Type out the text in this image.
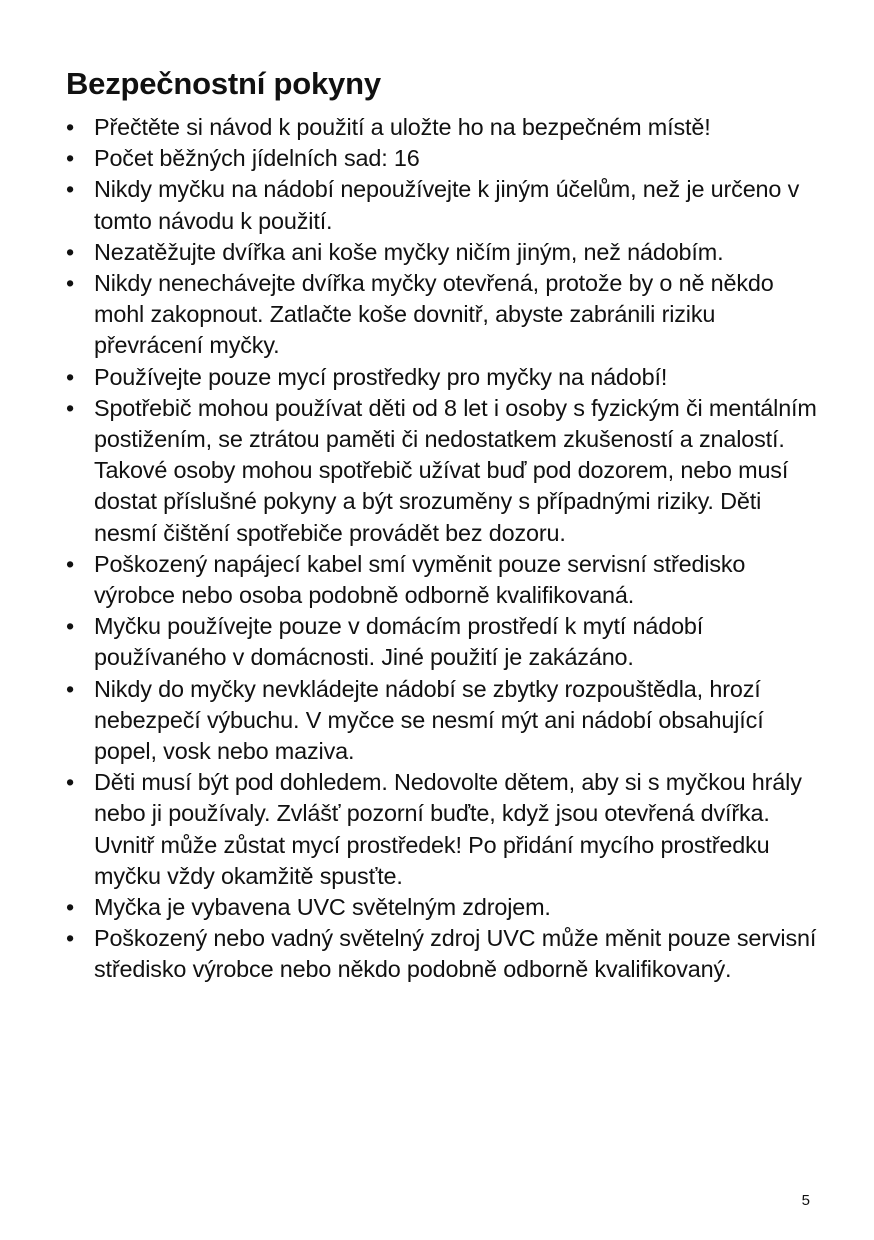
Bezpečnostní pokyny
• Přečtěte si návod k použití a uložte ho na bezpečném místě!
• Počet běžných jídelních sad: 16
• Nikdy myčku na nádobí nepoužívejte k jiným účelům, než je určeno v tomto návodu k použití.
• Nezatěžujte dvířka ani koše myčky ničím jiným, než nádobím.
• Nikdy nenechávejte dvířka myčky otevřená, protože by o ně někdo mohl zakopnout. Zatlačte koše dovnitř, abyste zabránili riziku převrácení myčky.
• Používejte pouze mycí prostředky pro myčky na nádobí!
• Spotřebič mohou používat děti od 8 let i osoby s fyzickým či mentálním postižením, se ztrátou paměti či nedostatkem zkušeností a znalostí. Takové osoby mohou spotřebič užívat buď pod dozorem, nebo musí dostat příslušné pokyny a být srozuměny s případnými riziky. Děti nesmí čištění spotřebiče provádět bez dozoru.
• Poškozený napájecí kabel smí vyměnit pouze servisní středisko výrobce nebo osoba podobně odborně kvalifikovaná.
• Myčku používejte pouze v domácím prostředí k mytí nádobí používaného v domácnosti. Jiné použití je zakázáno.
• Nikdy do myčky nevkládejte nádobí se zbytky rozpouštědla, hrozí nebezpečí výbuchu. V myčce se nesmí mýt ani nádobí obsahující popel, vosk nebo maziva.
• Děti musí být pod dohledem. Nedovolte dětem, aby si s myčkou hrály nebo ji používaly. Zvlášť pozorní buďte, když jsou otevřená dvířka. Uvnitř může zůstat mycí prostředek! Po přidání mycího prostředku myčku vždy okamžitě spusťte.
• Myčka je vybavena UVC světelným zdrojem.
• Poškozený nebo vadný světelný zdroj UVC může měnit pouze servisní středisko výrobce nebo někdo podobně odborně kvalifikovaný.
5
